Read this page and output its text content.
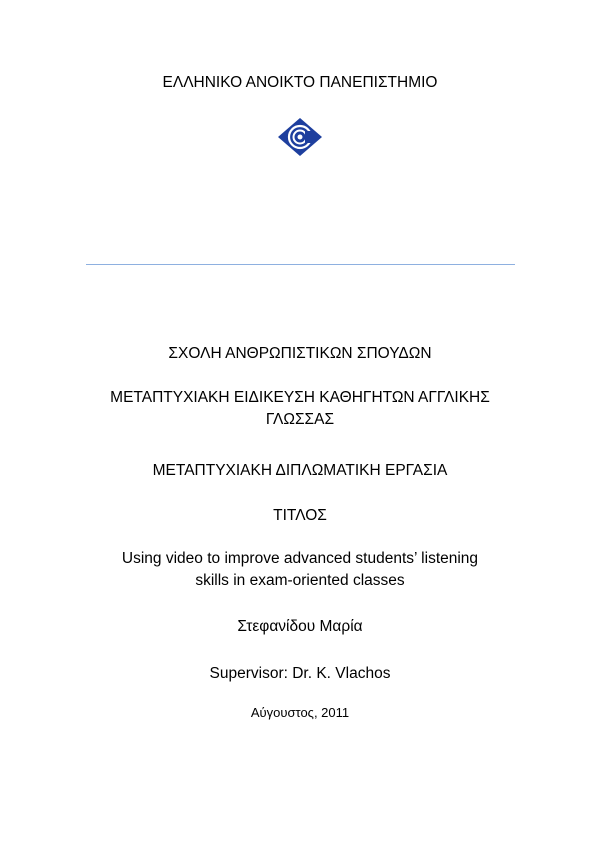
ΕΛΛΗΝΙΚΟ ΑΝΟΙΚΤΟ ΠΑΝΕΠΙΣΤΗΜΙΟ
ΣΧΟΛΗ ΑΝΘΡΩΠΙΣΤΙΚΩΝ ΣΠΟΥΔΩΝ
ΜΕΤΑΠΤΥΧΙΑΚΗ ΕΙΔΙΚΕΥΣΗ ΚΑΘΗΓΗΤΩΝ ΑΓΓΛΙΚΗΣ
ΓΛΩΣΣΑΣ
ΜΕΤΑΠΤΥΧΙΑΚΗ ΔΙΠΛΩΜΑΤΙΚΗ ΕΡΓΑΣΙΑ
ΤΙΤΛΟΣ
Using video to improve advanced students’ listening
skills in exam-oriented classes
Στεφανίδου Μαρία
Supervisor: Dr. K. Vlachos
Αύγουστος, 2011
